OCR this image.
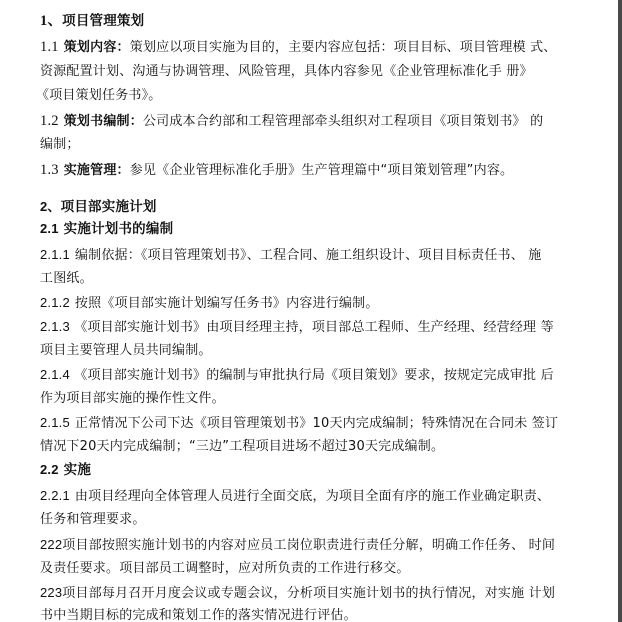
1、项目管理策划
1.1 策划内容：策划应以项目实施为目的，主要内容应包括：项目目标、项目管理模 式、
资源配置计划、沟通与协调管理、风险管理，具体内容参见《企业管理标准化手 册》
《项目策划任务书》。
1.2 策划书编制：公司成本合约部和工程管理部牵头组织对工程项目《项目策划书》 的
编制；
1.3 实施管理：参见《企业管理标准化手册》生产管理篇中“项目策划管理”内容。
2、项目部实施计划
2.1 实施计划书的编制
2.1.1 编制依据：《项目管理策划书》、工程合同、施工组织设计、项目目标责任书、 施
工图纸。
2.1.2 按照《项目部实施计划编写任务书》内容进行编制。
2.1.3 《项目部实施计划书》由项目经理主持，项目部总工程师、生产经理、经营经理 等
项目主要管理人员共同编制。
2.1.4 《项目部实施计划书》的编制与审批执行局《项目策划》要求，按规定完成审批 后
作为项目部实施的操作性文件。
2.1.5 正常情况下公司下达《项目管理策划书》10天内完成编制；特殊情况在合同未 签订
情况下20天内完成编制；“三边”工程项目进场不超过30天完成编制。
2.2 实施
2.2.1 由项目经理向全体管理人员进行全面交底，为项目全面有序的施工作业确定职责、
任务和管理要求。
222项目部按照实施计划书的内容对应员工岗位职责进行责任分解，明确工作任务、 时间
及责任要求。项目部员工调整时，应对所负责的工作进行移交。
223项目部每月召开月度会议或专题会议，分析项目实施计划书的执行情况，对实施 计划
书中当期目标的完成和策划工作的落实情况进行评估。
